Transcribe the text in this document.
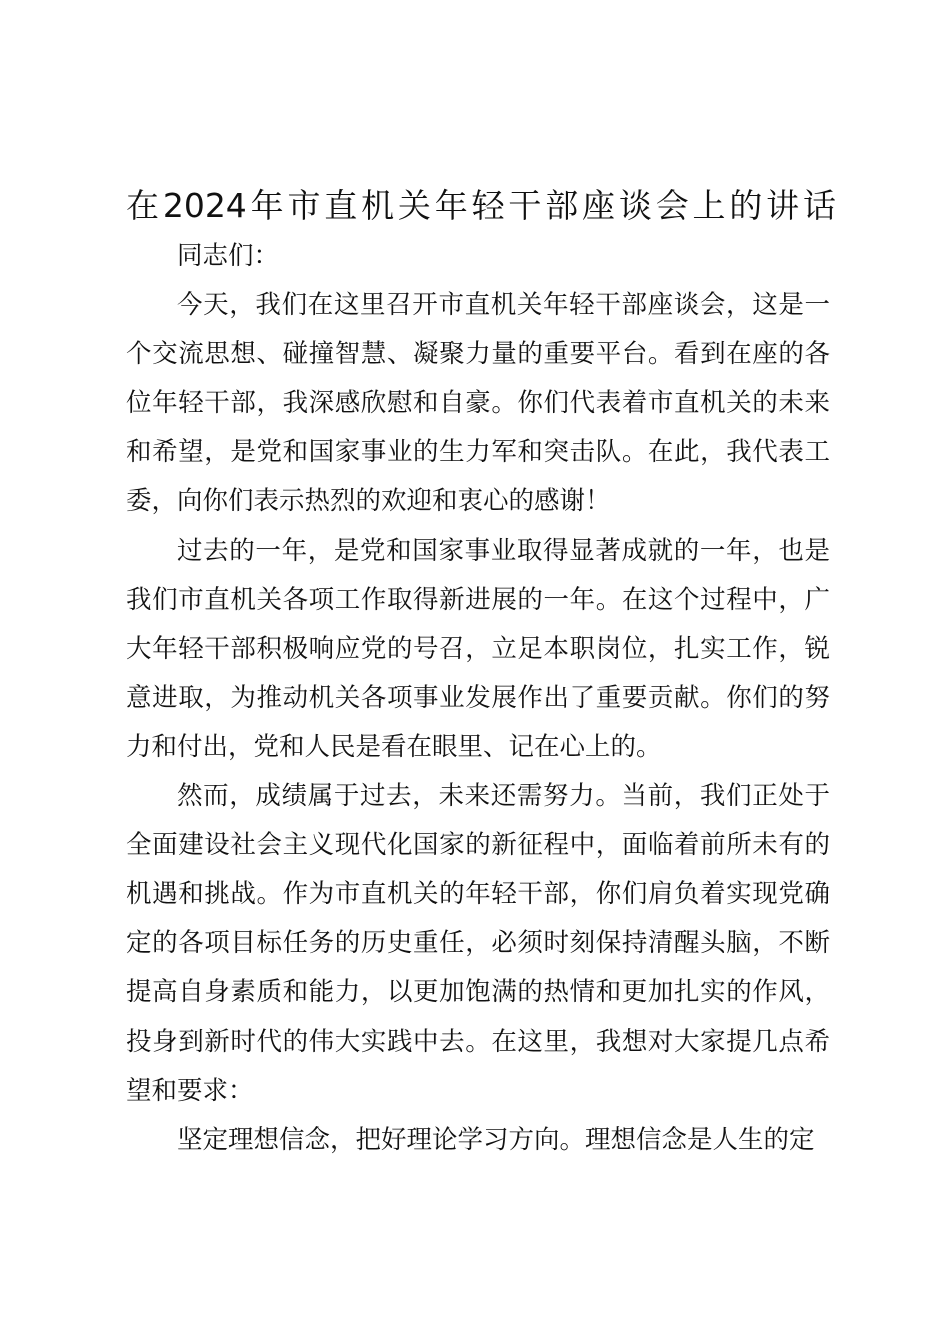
在2024年市直机关年轻干部座谈会上的讲话

同志们：

今天，我们在这里召开市直机关年轻干部座谈会，这是一个交流思想、碰撞智慧、凝聚力量的重要平台。看到在座的各位年轻干部，我深感欣慰和自豪。你们代表着市直机关的未来和希望，是党和国家事业的生力军和突击队。在此，我代表工委，向你们表示热烈的欢迎和衷心的感谢！

过去的一年，是党和国家事业取得显著成就的一年，也是我们市直机关各项工作取得新进展的一年。在这个过程中，广大年轻干部积极响应党的号召，立足本职岗位，扎实工作，锐意进取，为推动机关各项事业发展作出了重要贡献。你们的努力和付出，党和人民是看在眼里、记在心上的。

然而，成绩属于过去，未来还需努力。当前，我们正处于全面建设社会主义现代化国家的新征程中，面临着前所未有的机遇和挑战。作为市直机关的年轻干部，你们肩负着实现党确定的各项目标任务的历史重任，必须时刻保持清醒头脑，不断提高自身素质和能力，以更加饱满的热情和更加扎实的作风，投身到新时代的伟大实践中去。在这里，我想对大家提几点希望和要求：

坚定理想信念，把好理论学习方向。理想信念是人生的定
